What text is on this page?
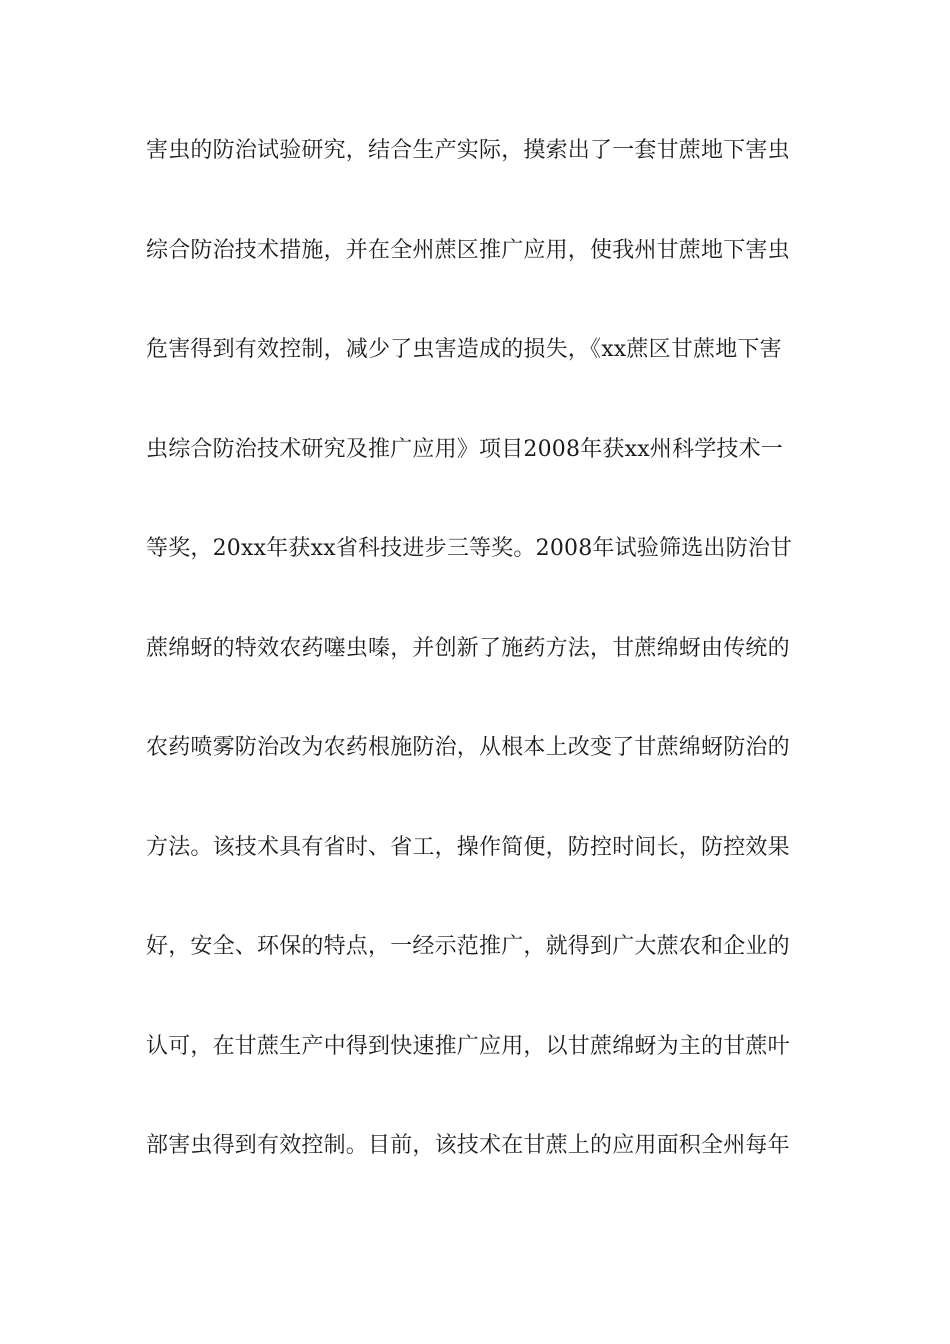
害虫的防治试验研究，结合生产实际，摸索出了一套甘蔗地下害虫
综合防治技术措施，并在全州蔗区推广应用，使我州甘蔗地下害虫
危害得到有效控制，减少了虫害造成的损失，《xx蔗区甘蔗地下害
虫综合防治技术研究及推广应用》项目2008年获xx州科学技术一
等奖，20xx年获xx省科技进步三等奖。2008年试验筛选出防治甘
蔗绵蚜的特效农药噻虫嗪，并创新了施药方法，甘蔗绵蚜由传统的
农药喷雾防治改为农药根施防治，从根本上改变了甘蔗绵蚜防治的
方法。该技术具有省时、省工，操作简便，防控时间长，防控效果
好，安全、环保的特点，一经示范推广，就得到广大蔗农和企业的
认可，在甘蔗生产中得到快速推广应用，以甘蔗绵蚜为主的甘蔗叶
部害虫得到有效控制。目前，该技术在甘蔗上的应用面积全州每年
